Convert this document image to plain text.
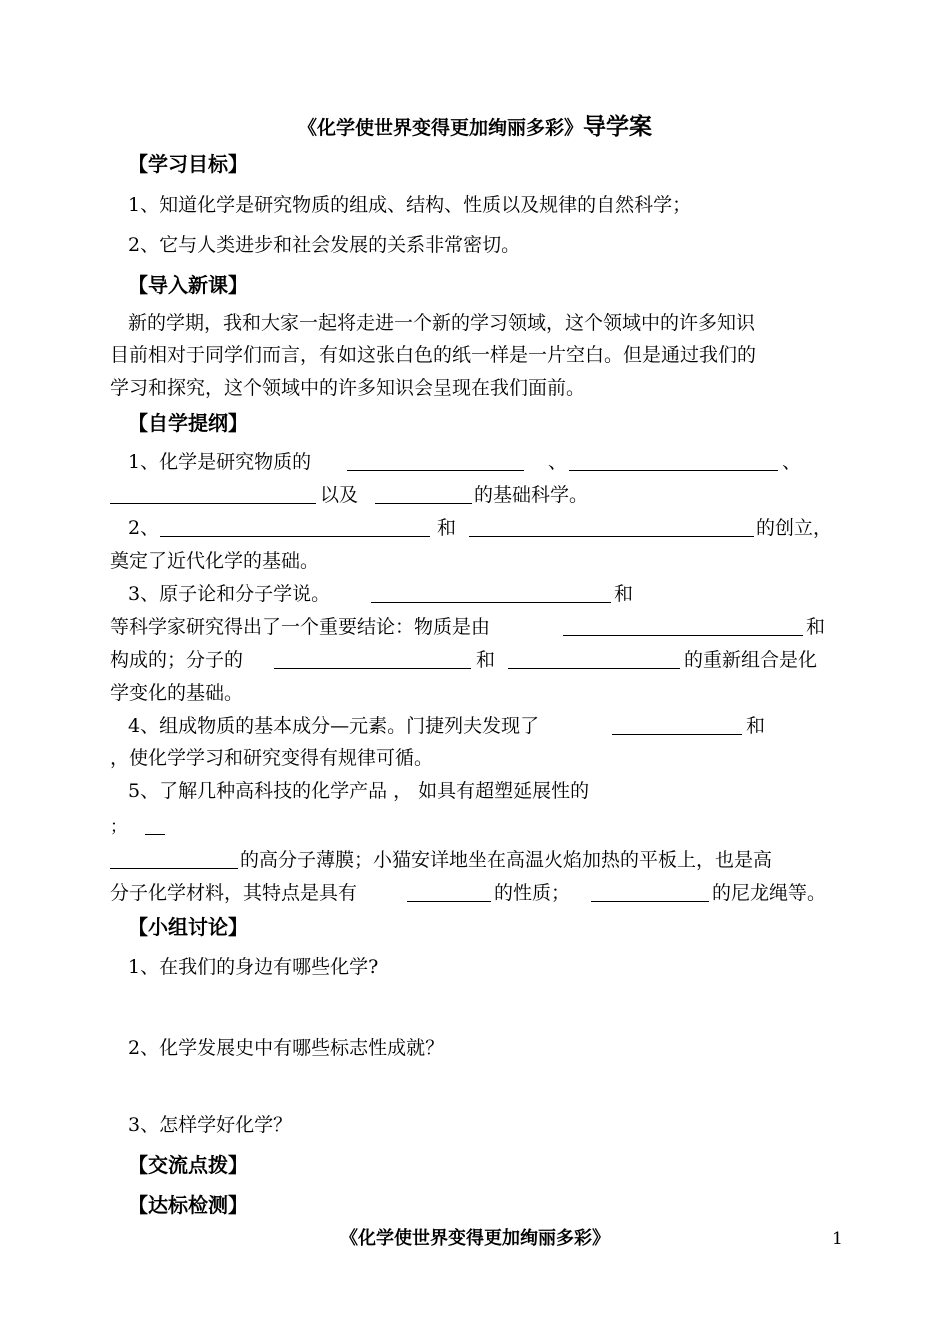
《化学使世界变得更加绚丽多彩》导学案
【学习目标】
1、知道化学是研究物质的组成、结构、性质以及规律的自然科学；
2、它与人类进步和社会发展的关系非常密切。
【导入新课】
新的学期，我和大家一起将走进一个新的学习领域，这个领域中的许多知识
目前相对于同学们而言，有如这张白色的纸一样是一片空白。但是通过我们的
学习和探究，这个领域中的许多知识会呈现在我们面前。
【自学提纲】
1、化学是研究物质的	、	、
以及	的基础科学。
2、	和	的创立，
奠定了近代化学的基础。
3、原子论和分子学说。	和
等科学家研究得出了一个重要结论：物质是由	和
构成的；分子的	和	的重新组合是化
学变化的基础。
4、组成物质的基本成分—元素。门捷列夫发现了	和
，使化学学习和研究变得有规律可循。
5、了解几种高科技的化学产品 ， 如具有超塑延展性的
；
的高分子薄膜；小猫安详地坐在高温火焰加热的平板上，也是高
分子化学材料，其特点是具有	的性质；	的尼龙绳等。
【小组讨论】
1、在我们的身边有哪些化学?
2、化学发展史中有哪些标志性成就？
3、怎样学好化学？
【交流点拨】
【达标检测】
《化学使世界变得更加绚丽多彩》	1
